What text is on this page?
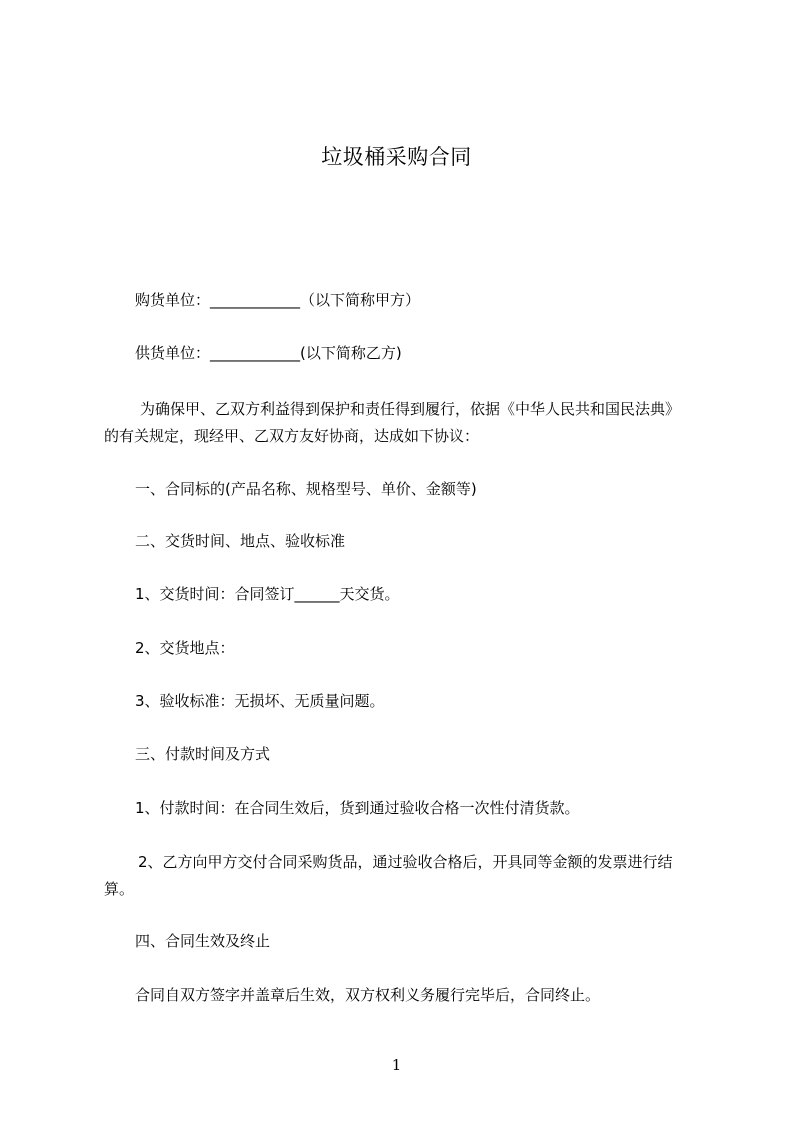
垃圾桶采购合同
购货单位：____________（以下简称甲方）
供货单位：____________(以下简称乙方)
为确保甲、乙双方利益得到保护和责任得到履行，依据《中华人民共和国民法典》
的有关规定，现经甲、乙双方友好协商，达成如下协议：
一、合同标的(产品名称、规格型号、单价、金额等)
二、交货时间、地点、验收标准
1、交货时间：合同签订______天交货。
2、交货地点：
3、验收标准：无损坏、无质量问题。
三、付款时间及方式
1、付款时间：在合同生效后，货到通过验收合格一次性付清货款。
2、乙方向甲方交付合同采购货品，通过验收合格后，开具同等金额的发票进行结
算。
四、合同生效及终止
合同自双方签字并盖章后生效，双方权利义务履行完毕后，合同终止。
1
